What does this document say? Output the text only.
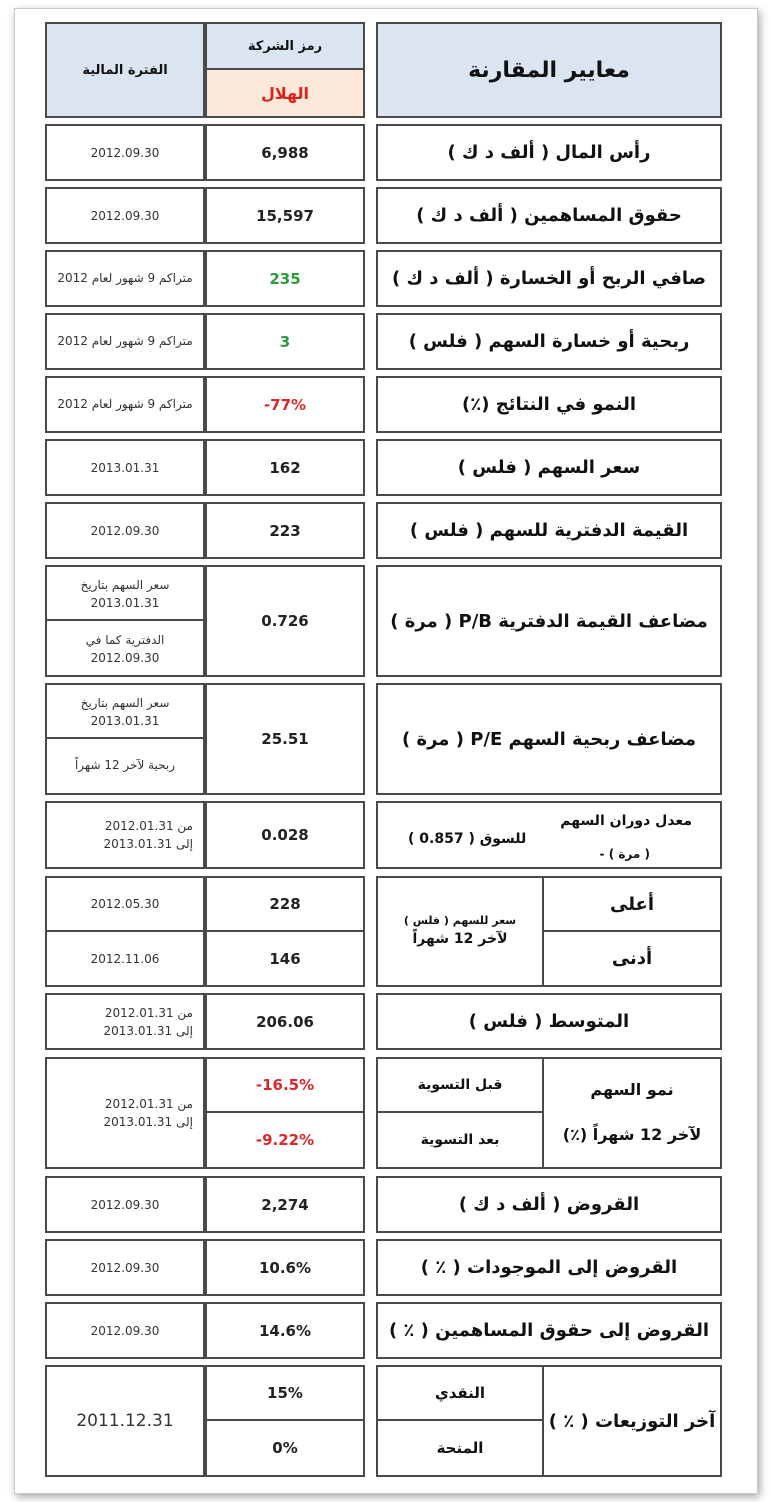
معايير المقارنة
رمز الشركة
الهلال
الفترة المالية
رأس المال ( ألف د ك )
6,988
2012.09.30
حقوق المساهمين ( ألف د ك )
15,597
2012.09.30
صافي الربح أو الخسارة ( ألف د ك )
235
متراكم 9 شهور لعام 2012
ربحية أو خسارة السهم ( فلس )
3
متراكم 9 شهور لعام 2012
النمو في النتائج (٪)
-77%
متراكم 9 شهور لعام 2012
سعر السهم ( فلس )
162
2013.01.31
القيمة الدفترية للسهم ( فلس )
223
2012.09.30
مضاعف القيمة الدفترية P/B ( مرة )
0.726
سعر السهم بتاريخ
2013.01.31
الدفترية كما في
2012.09.30
مضاعف ربحية السهم P/E ( مرة )
25.51
سعر السهم بتاريخ
2013.01.31
ربحية لآخر 12 شهراً
معدل دوران السهم
للسوق ( 0.857 )
( مرة ) -
0.028
من 2012.01.31
إلى 2013.01.31
أعلى
أدنى
سعر للسهم ( فلس )
لآخر 12 شهراً
228
146
2012.05.30
2012.11.06
المتوسط ( فلس )
206.06
من 2012.01.31
إلى 2013.01.31
نمو السهم
لآخر 12 شهراً (٪)
قبل التسوية
بعد التسوية
-16.5%
-9.22%
من 2012.01.31
إلى 2013.01.31
القروض ( ألف د ك )
2,274
2012.09.30
القروض إلى الموجودات ( ٪ )
10.6%
2012.09.30
القروض إلى حقوق المساهمين ( ٪ )
14.6%
2012.09.30
آخر التوزيعات ( ٪ )
النقدي
المنحة
15%
0%
2011.12.31
